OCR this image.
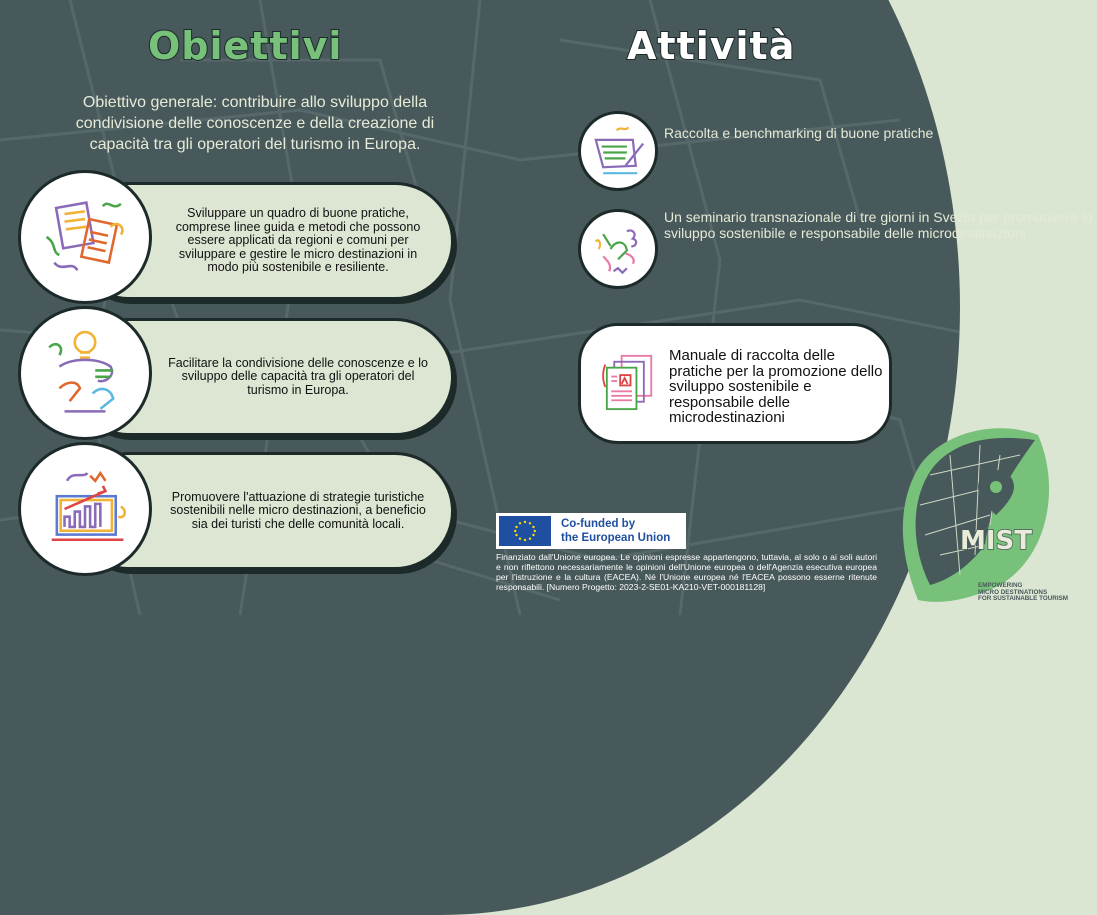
Obiettivi	Attività
Obiettivo generale: contribuire allo sviluppo della condivisione delle conoscenze e della creazione di capacità tra gli operatori del turismo in Europa.
Sviluppare un quadro di buone pratiche, comprese linee guida e metodi che possono essere applicati da regioni e comuni per sviluppare e gestire le micro destinazioni in modo più sostenibile e resiliente.
Facilitare la condivisione delle conoscenze e lo sviluppo delle capacità tra gli operatori del turismo in Europa.
Promuovere l'attuazione di strategie turistiche sostenibili nelle micro destinazioni, a beneficio sia dei turisti che delle comunità locali.
Raccolta e benchmarking di buone pratiche
Un seminario transnazionale di tre giorni in Svezia per promuovere lo sviluppo sostenibile e responsabile delle microdestinazioni.
Manuale di raccolta delle pratiche per la promozione dello sviluppo sostenibile e responsabile delle microdestinazioni
Co-funded by
the European Union
Finanziato dall'Unione europea. Le opinioni espresse appartengono, tuttavia, al solo o ai soli autori e non riflettono necessariamente le opinioni dell'Unione europea o dell'Agenzia esecutiva europea per l'istruzione e la cultura (EACEA). Né l'Unione europea né l'EACEA possono esserne ritenute responsabili. [Numero Progetto: 2023-2-SE01-KA210-VET-000181128]
MIST
EMPOWERING
MICRO DESTINATIONS
FOR SUSTAINABLE TOURISM
